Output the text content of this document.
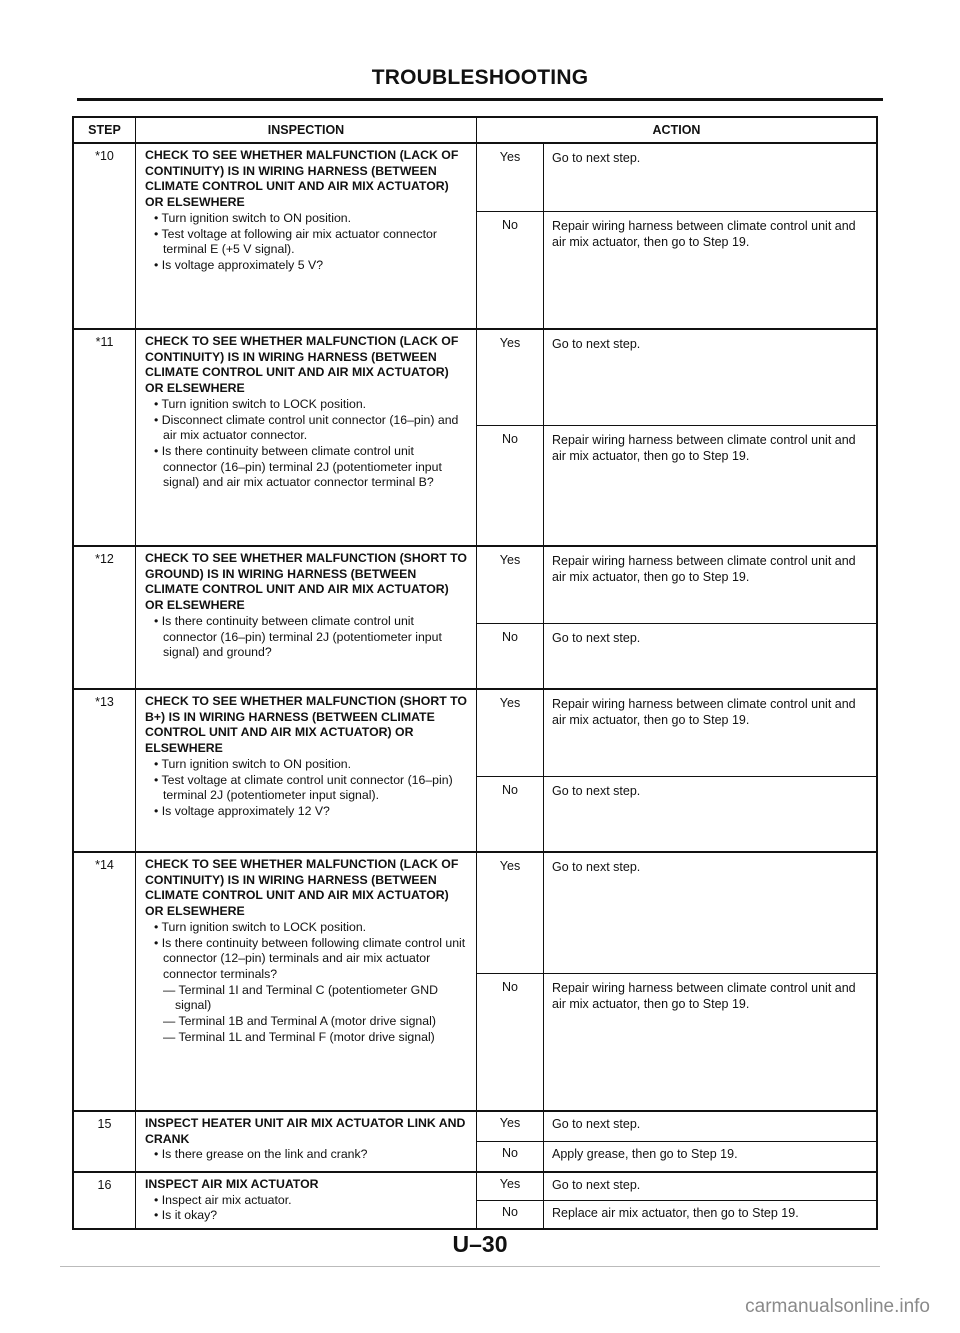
TROUBLESHOOTING
STEP	INSPECTION	ACTION
*10	CHECK TO SEE WHETHER MALFUNCTION (LACK OF CONTINUITY) IS IN WIRING HARNESS (BETWEEN CLIMATE CONTROL UNIT AND AIR MIX ACTUATOR) OR ELSEWHERE
• Turn ignition switch to ON position.
• Test voltage at following air mix actuator connector terminal E (+5 V signal).
• Is voltage approximately 5 V?
Yes	Go to next step.
No	Repair wiring harness between climate control unit and air mix actuator, then go to Step 19.
*11	CHECK TO SEE WHETHER MALFUNCTION (LACK OF CONTINUITY) IS IN WIRING HARNESS (BETWEEN CLIMATE CONTROL UNIT AND AIR MIX ACTUATOR) OR ELSEWHERE
• Turn ignition switch to LOCK position.
• Disconnect climate control unit connector (16–pin) and air mix actuator connector.
• Is there continuity between climate control unit connector (16–pin) terminal 2J (potentiometer input signal) and air mix actuator connector terminal B?
Yes	Go to next step.
No	Repair wiring harness between climate control unit and air mix actuator, then go to Step 19.
*12	CHECK TO SEE WHETHER MALFUNCTION (SHORT TO GROUND) IS IN WIRING HARNESS (BETWEEN CLIMATE CONTROL UNIT AND AIR MIX ACTUATOR) OR ELSEWHERE
• Is there continuity between climate control unit connector (16–pin) terminal 2J (potentiometer input signal) and ground?
Yes	Repair wiring harness between climate control unit and air mix actuator, then go to Step 19.
No	Go to next step.
*13	CHECK TO SEE WHETHER MALFUNCTION (SHORT TO B+) IS IN WIRING HARNESS (BETWEEN CLIMATE CONTROL UNIT AND AIR MIX ACTUATOR) OR ELSEWHERE
• Turn ignition switch to ON position.
• Test voltage at climate control unit connector (16–pin) terminal 2J (potentiometer input signal).
• Is voltage approximately 12 V?
Yes	Repair wiring harness between climate control unit and air mix actuator, then go to Step 19.
No	Go to next step.
*14	CHECK TO SEE WHETHER MALFUNCTION (LACK OF CONTINUITY) IS IN WIRING HARNESS (BETWEEN CLIMATE CONTROL UNIT AND AIR MIX ACTUATOR) OR ELSEWHERE
• Turn ignition switch to LOCK position.
• Is there continuity between following climate control unit connector (12–pin) terminals and air mix actuator connector terminals?
— Terminal 1I and Terminal C (potentiometer GND signal)
— Terminal 1B and Terminal A (motor drive signal)
— Terminal 1L and Terminal F (motor drive signal)
Yes	Go to next step.
No	Repair wiring harness between climate control unit and air mix actuator, then go to Step 19.
15	INSPECT HEATER UNIT AIR MIX ACTUATOR LINK AND CRANK
• Is there grease on the link and crank?
Yes	Go to next step.
No	Apply grease, then go to Step 19.
16	INSPECT AIR MIX ACTUATOR
• Inspect air mix actuator.
• Is it okay?
Yes	Go to next step.
No	Replace air mix actuator, then go to Step 19.
U–30
carmanualsonline.info
